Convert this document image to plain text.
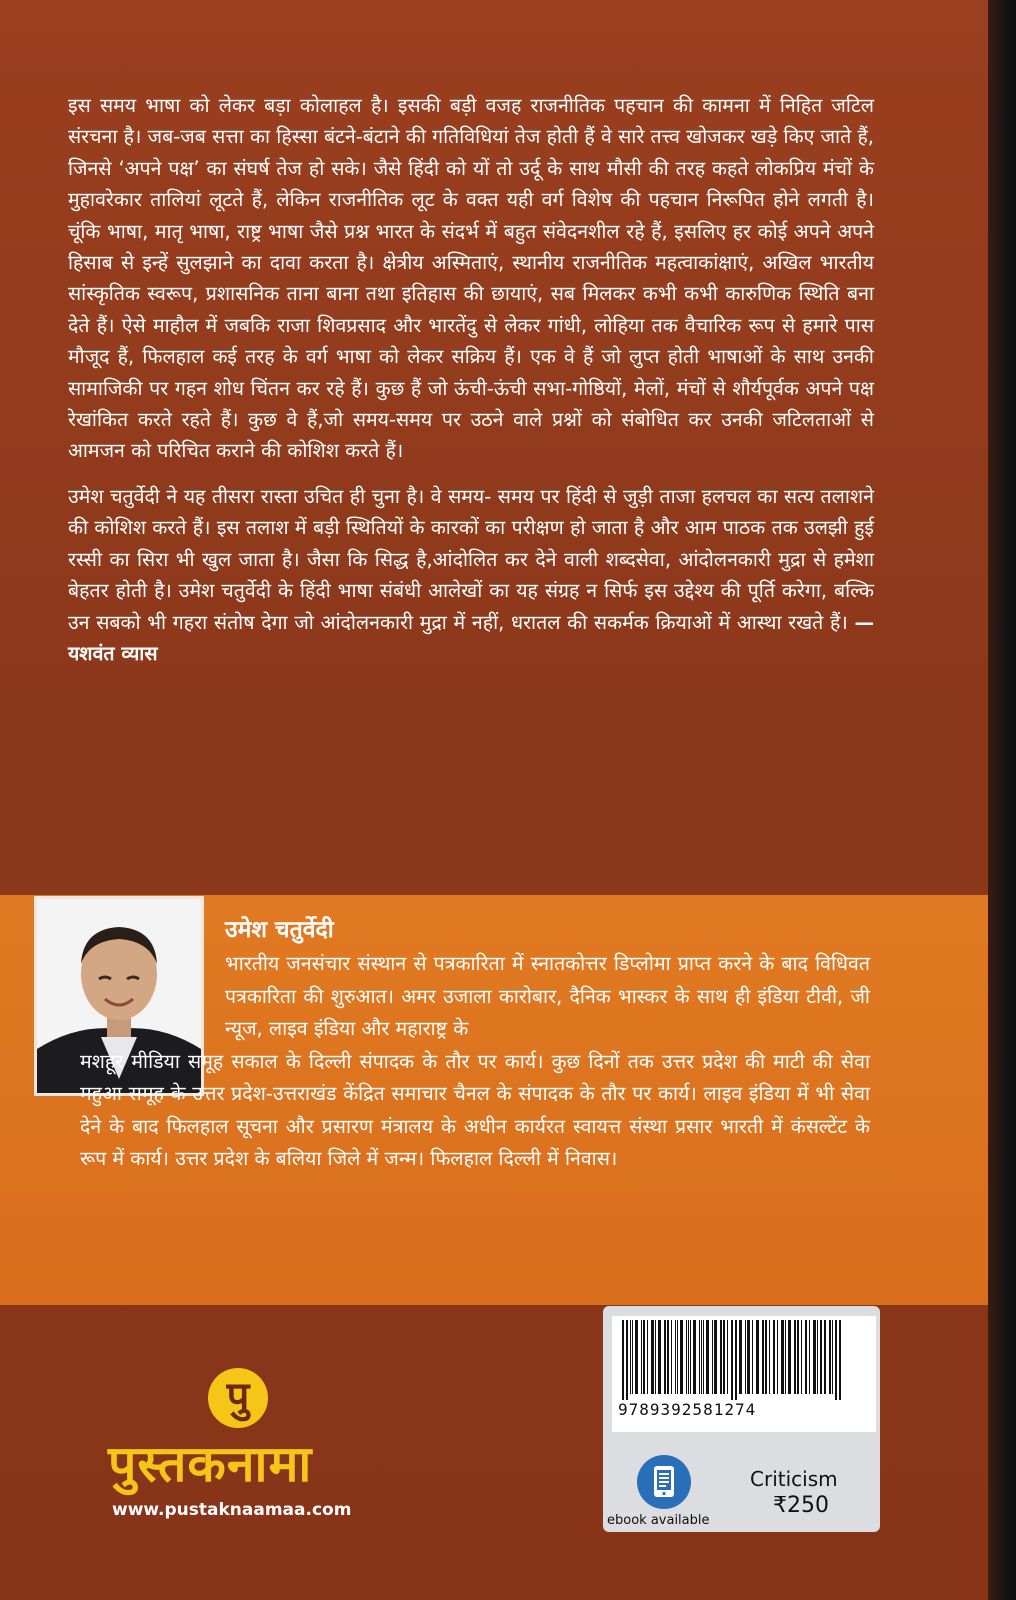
इस समय भाषा को लेकर बड़ा कोलाहल है। इसकी बड़ी वजह राजनीतिक पहचान की कामना में निहित जटिल संरचना है। जब-जब सत्ता का हिस्सा बंटने-बंटाने की गतिविधियां तेज होती हैं वे सारे तत्त्व खोजकर खड़े किए जाते हैं, जिनसे ‘अपने पक्ष’ का संघर्ष तेज हो सके। जैसे हिंदी को यों तो उर्दू के साथ मौसी की तरह कहते लोकप्रिय मंचों के मुहावरेकार तालियां लूटते हैं, लेकिन राजनीतिक लूट के वक्त यही वर्ग विशेष की पहचान निरूपित होने लगती है। चूंकि भाषा, मातृ भाषा, राष्ट्र भाषा जैसे प्रश्न भारत के संदर्भ में बहुत संवेदनशील रहे हैं, इसलिए हर कोई अपने अपने हिसाब से इन्हें सुलझाने का दावा करता है। क्षेत्रीय अस्मिताएं, स्थानीय राजनीतिक महत्वाकांक्षाएं, अखिल भारतीय सांस्कृतिक स्वरूप, प्रशासनिक ताना बाना तथा इतिहास की छायाएं, सब मिलकर कभी कभी कारुणिक स्थिति बना देते हैं। ऐसे माहौल में जबकि राजा शिवप्रसाद और भारतेंदु से लेकर गांधी, लोहिया तक वैचारिक रूप से हमारे पास मौजूद हैं, फिलहाल कई तरह के वर्ग भाषा को लेकर सक्रिय हैं। एक वे हैं जो लुप्त होती भाषाओं के साथ उनकी सामाजिकी पर गहन शोध चिंतन कर रहे हैं। कुछ हैं जो ऊंची-ऊंची सभा-गोष्ठियों, मेलों, मंचों से शौर्यपूर्वक अपने पक्ष रेखांकित करते रहते हैं। कुछ वे हैं,जो समय-समय पर उठने वाले प्रश्नों को संबोधित कर उनकी जटिलताओं से आमजन को परिचित कराने की कोशिश करते हैं।

उमेश चतुर्वेदी ने यह तीसरा रास्ता उचित ही चुना है। वे समय- समय पर हिंदी से जुड़ी ताजा हलचल का सत्य तलाशने की कोशिश करते हैं। इस तलाश में बड़ी स्थितियों के कारकों का परीक्षण हो जाता है और आम पाठक तक उलझी हुई रस्सी का सिरा भी खुल जाता है। जैसा कि सिद्ध है,आंदोलित कर देने वाली शब्दसेवा, आंदोलनकारी मुद्रा से हमेशा बेहतर होती है। उमेश चतुर्वेदी के हिंदी भाषा संबंधी आलेखों का यह संग्रह न सिर्फ इस उद्देश्य की पूर्ति करेगा, बल्कि उन सबको भी गहरा संतोष देगा जो आंदोलनकारी मुद्रा में नहीं, धरातल की सकर्मक क्रियाओं में आस्था रखते हैं। —यशवंत व्यास

उमेश चतुर्वेदी

भारतीय जनसंचार संस्थान से पत्रकारिता में स्नातकोत्तर डिप्लोमा प्राप्त करने के बाद विधिवत पत्रकारिता की शुरुआत। अमर उजाला कारोबार, दैनिक भास्कर के साथ ही इंडिया टीवी, जी न्यूज, लाइव इंडिया और महाराष्ट्र के
मशहूर मीडिया समूह सकाल के दिल्ली संपादक के तौर पर कार्य। कुछ दिनों तक उत्तर प्रदेश की माटी की सेवा महुआ समूह के उत्तर प्रदेश-उत्तराखंड केंद्रित समाचार चैनल के संपादक के तौर पर कार्य। लाइव इंडिया में भी सेवा देने के बाद फिलहाल सूचना और प्रसारण मंत्रालय के अधीन कार्यरत स्वायत्त संस्था प्रसार भारती में कंसल्टेंट के रूप में कार्य। उत्तर प्रदेश के बलिया जिले में जन्म। फिलहाल दिल्ली में निवास।

पु
पुस्तकनामा
www.pustaknaamaa.com
9789392581274
ebook available
Criticism
₹250
